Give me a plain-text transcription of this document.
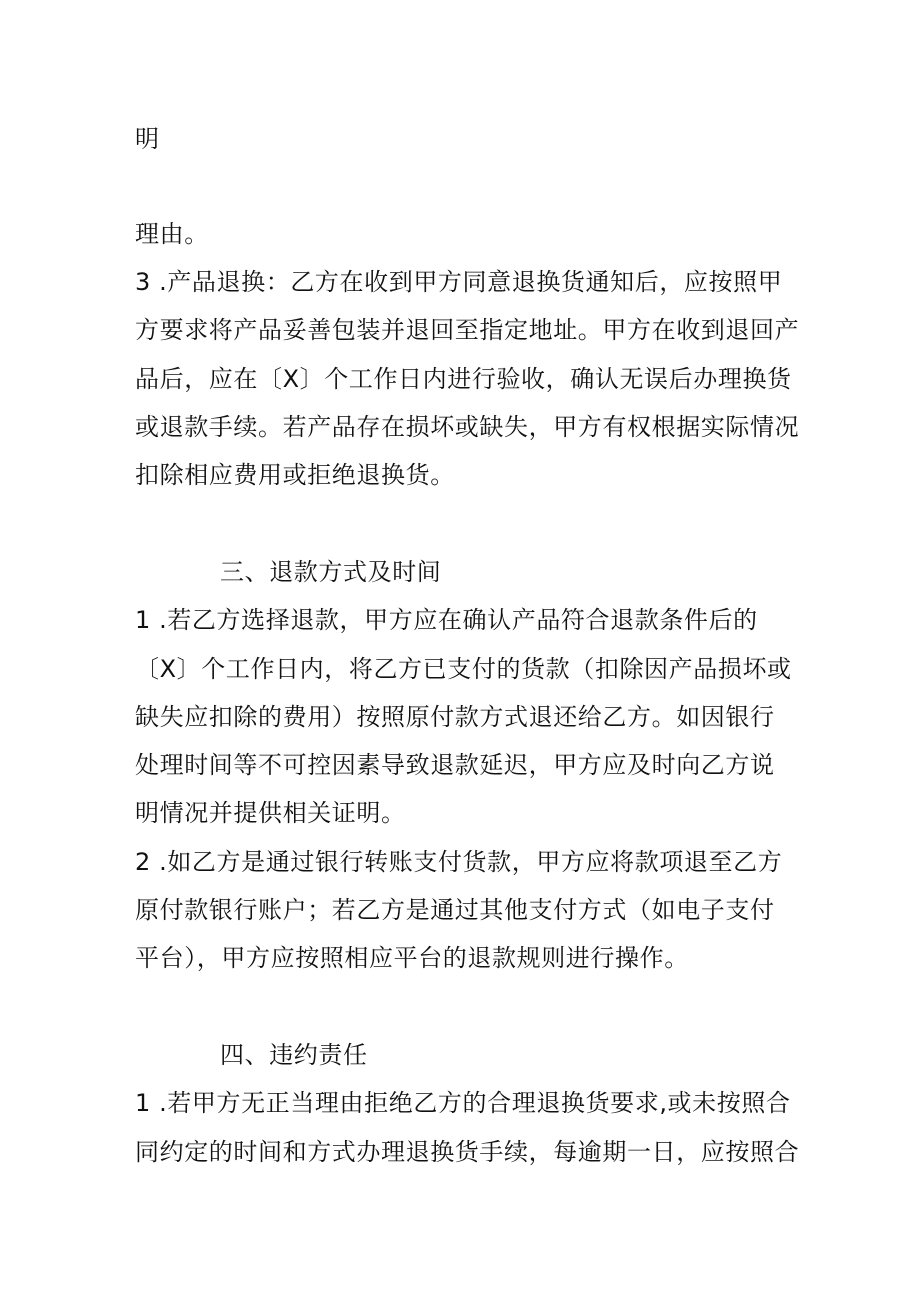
明
理由。
3 .产品退换：乙方在收到甲方同意退换货通知后，应按照甲
方要求将产品妥善包装并退回至指定地址。甲方在收到退回产
品后，应在〔X〕个工作日内进行验收，确认无误后办理换货
或退款手续。若产品存在损坏或缺失，甲方有权根据实际情况
扣除相应费用或拒绝退换货。
三、退款方式及时间
1 .若乙方选择退款，甲方应在确认产品符合退款条件后的
〔X〕个工作日内，将乙方已支付的货款（扣除因产品损坏或
缺失应扣除的费用）按照原付款方式退还给乙方。如因银行
处理时间等不可控因素导致退款延迟，甲方应及时向乙方说
明情况并提供相关证明。
2 .如乙方是通过银行转账支付货款，甲方应将款项退至乙方
原付款银行账户；若乙方是通过其他支付方式（如电子支付
平台），甲方应按照相应平台的退款规则进行操作。
四、违约责任
1 .若甲方无正当理由拒绝乙方的合理退换货要求,或未按照合
同约定的时间和方式办理退换货手续，每逾期一日，应按照合
